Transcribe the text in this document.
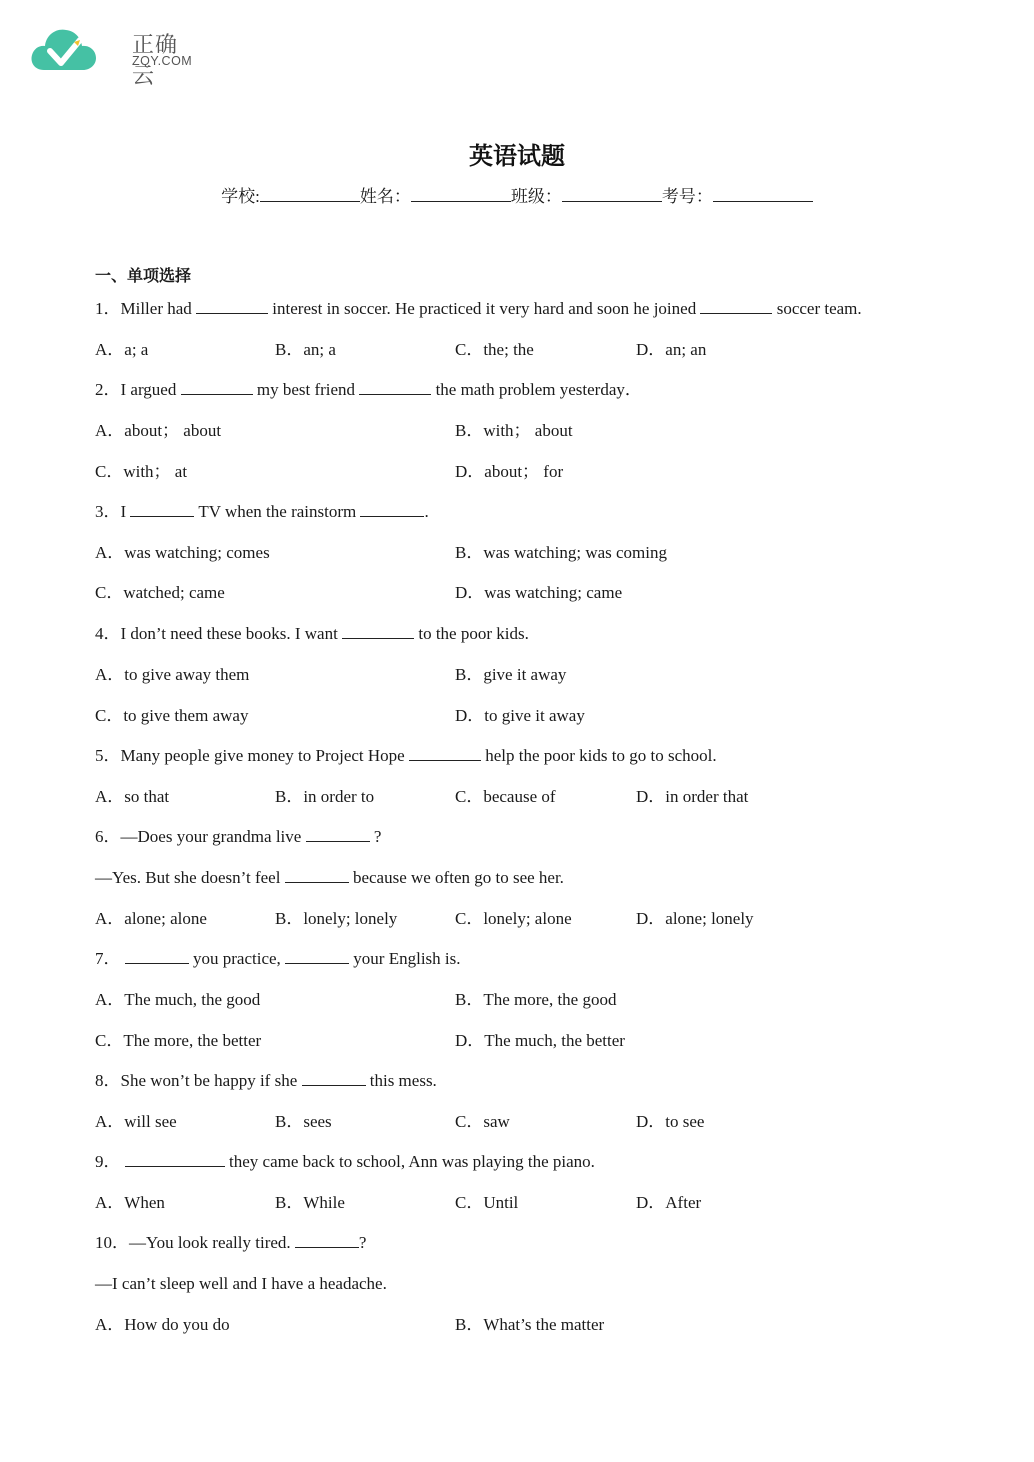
正确云
ZQY.COM
英语试题
学校:	姓名：	班级：	考号：
一、单项选择
1．Miller had	interest in soccer. He practiced it very hard and soon he joined	soccer team.
A．a; a	B．an; a	C．the; the	D．an; an
2．I argued	my best friend	the math problem yesterday．
A．about； about	B．with； about
C．with； at	D．about； for
3．I	TV when the rainstorm	.
A．was watching; comes	B．was watching; was coming
C．watched; came	D．was watching; came
4．I don’t need these books. I want	to the poor kids.
A．to give away them	B．give it away
C．to give them away	D．to give it away
5．Many people give money to Project Hope	help the poor kids to go to school.
A．so that	B．in order to	C．because of	D．in order that
6．—Does your grandma live	?
—Yes. But she doesn’t feel	because we often go to see her.
A．alone; alone	B．lonely; lonely	C．lonely; alone	D．alone; lonely
7．	you practice,	your English is.
A．The much, the good	B．The more, the good
C．The more, the better	D．The much, the better
8．She won’t be happy if she	this mess.
A．will see	B．sees	C．saw	D．to see
9．	they came back to school, Ann was playing the piano.
A．When	B．While	C．Until	D．After
10．—You look really tired.	?
—I can’t sleep well and I have a headache.
A．How do you do	B．What’s the matter
